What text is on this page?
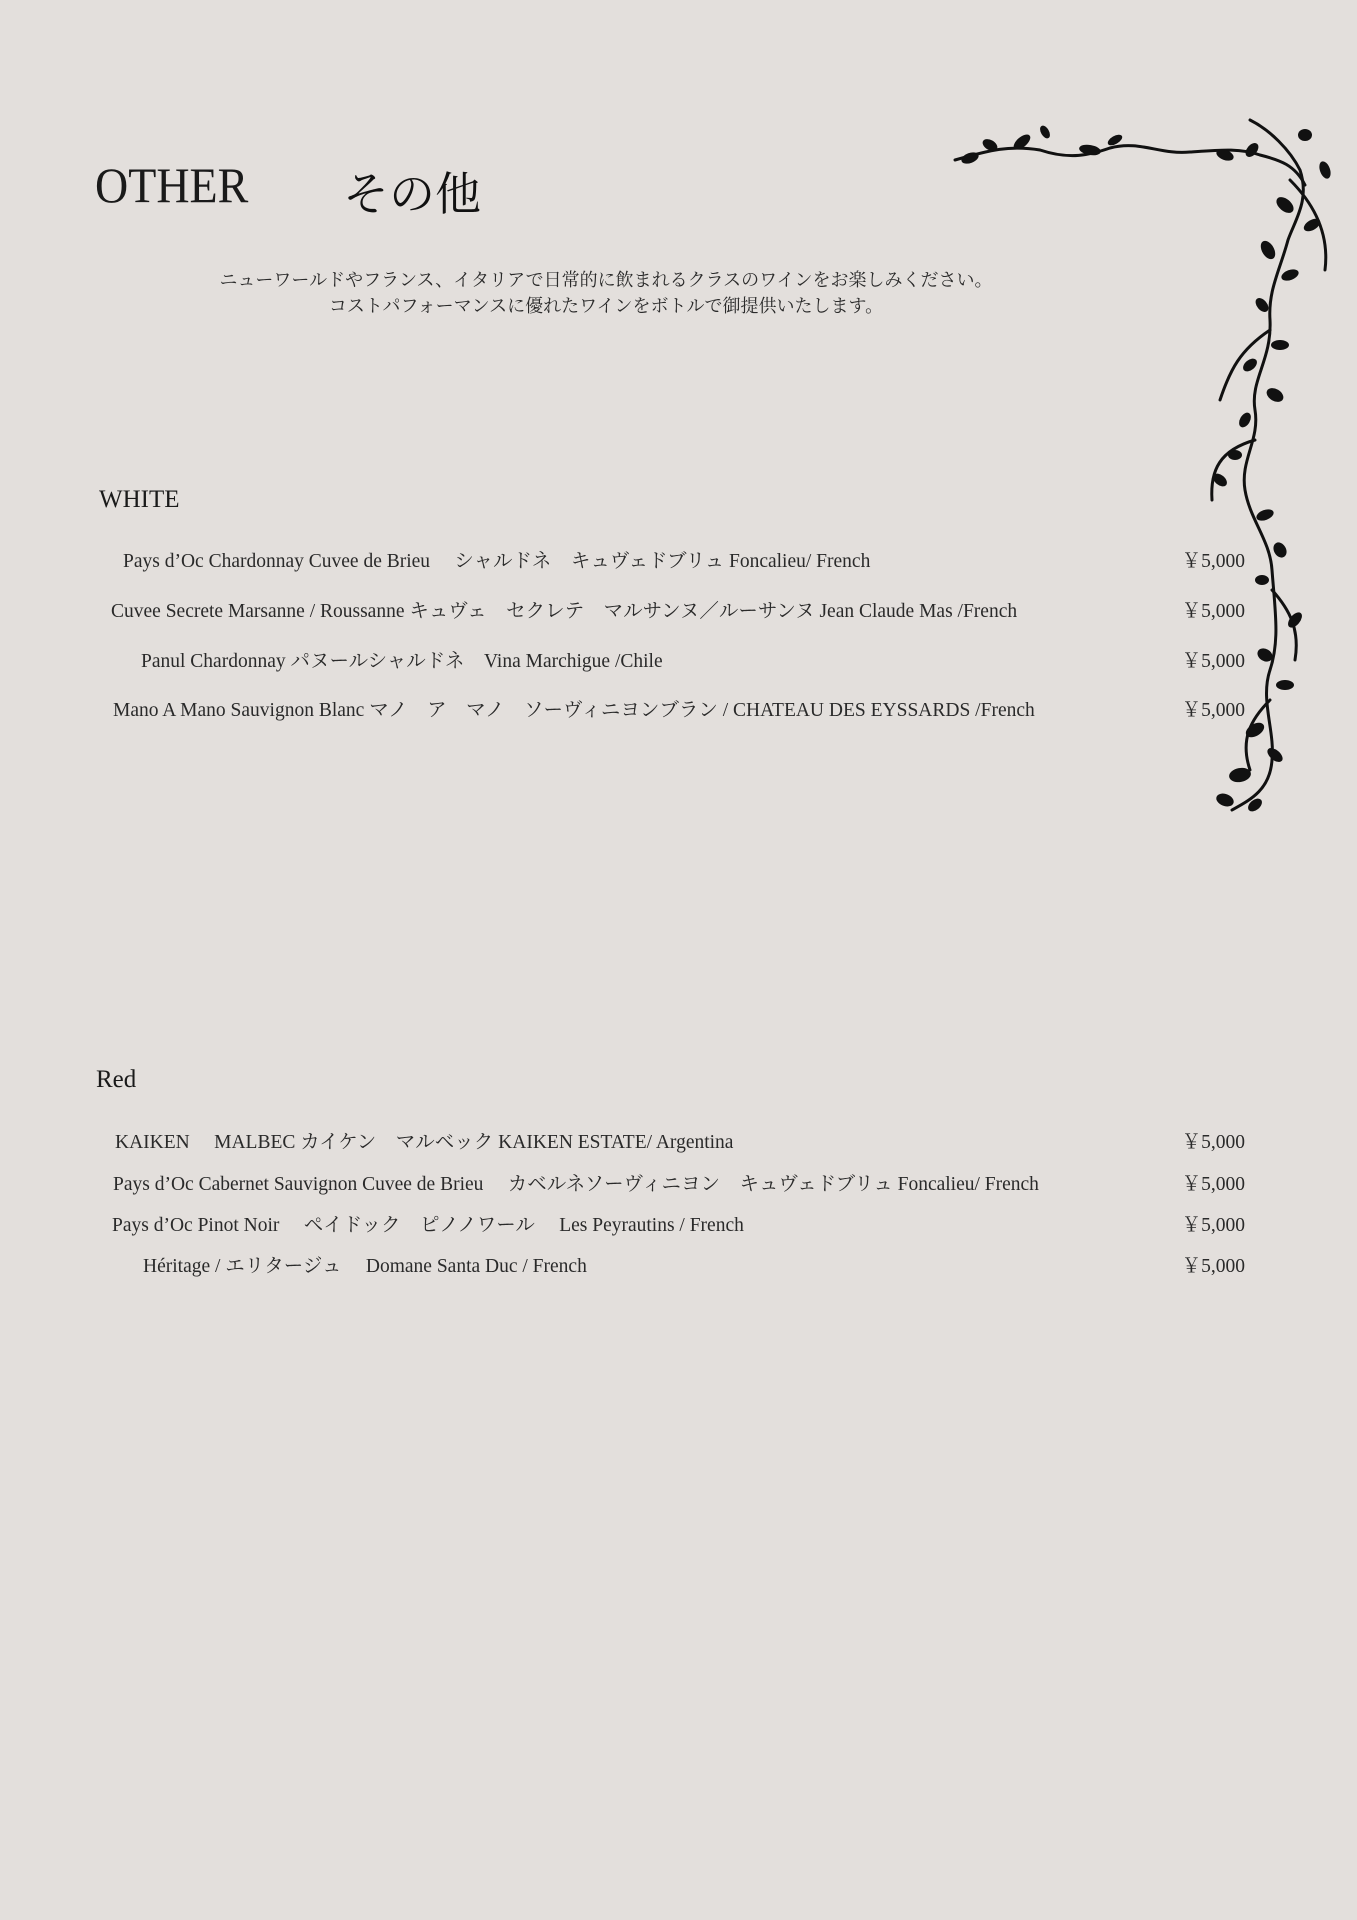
OTHER その他
ニューワールドやフランス、イタリアで日常的に飲まれるクラスのワインをお楽しみください。
コストパフォーマンスに優れたワインをボトルで御提供いたします。
WHITE
Pays d’Oc Chardonnay Cuvee de Brieu　 シャルドネ　キュヴェドブリュ Foncalieu/ French	￥5,000
Cuvee Secrete Marsanne / Roussanne キュヴェ　セクレテ　マルサンヌ／ルーサンヌ Jean Claude Mas /French	￥5,000
Panul Chardonnay パヌールシャルドネ　Vina Marchigue /Chile	￥5,000
Mano A Mano Sauvignon Blanc マノ　ア　マノ　ソーヴィニヨンブラン / CHATEAU DES EYSSARDS /French	￥5,000
Red
KAIKEN　 MALBEC カイケン　マルベック KAIKEN ESTATE/ Argentina	￥5,000
Pays d’Oc Cabernet Sauvignon Cuvee de Brieu　 カベルネソーヴィニヨン　キュヴェドブリュ Foncalieu/ French	￥5,000
Pays d’Oc Pinot Noir　 ペイドック　ピノノワール　 Les Peyrautins / French	￥5,000
Héritage / エリタージュ　 Domane Santa Duc / French	￥5,000
